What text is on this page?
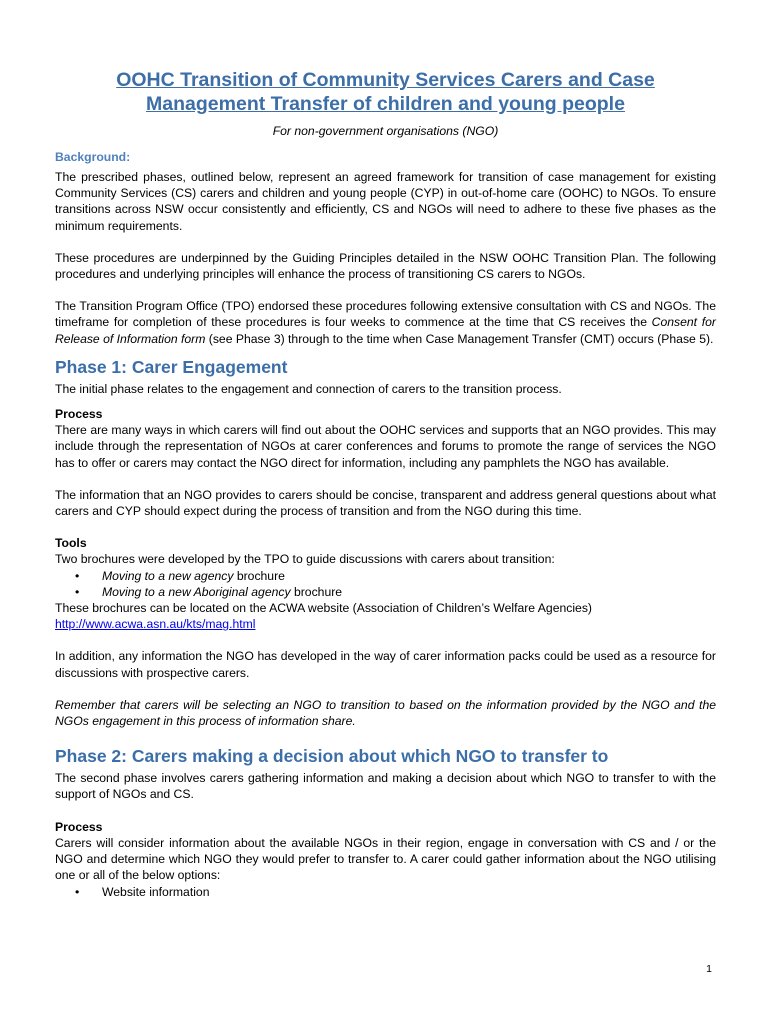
OOHC Transition of Community Services Carers and Case
Management Transfer of children and young people
For non-government organisations (NGO)
Background:

The prescribed phases, outlined below, represent an agreed framework for transition of case management for existing Community Services (CS) carers and children and young people (CYP) in out-of-home care (OOHC) to NGOs. To ensure transitions across NSW occur consistently and efficiently, CS and NGOs will need to adhere to these five phases as the minimum requirements.

These procedures are underpinned by the Guiding Principles detailed in the NSW OOHC Transition Plan. The following procedures and underlying principles will enhance the process of transitioning CS carers to NGOs.

The Transition Program Office (TPO) endorsed these procedures following extensive consultation with CS and NGOs. The timeframe for completion of these procedures is four weeks to commence at the time that CS receives the Consent for Release of Information form (see Phase 3) through to the time when Case Management Transfer (CMT) occurs (Phase 5).

Phase 1: Carer Engagement

The initial phase relates to the engagement and connection of carers to the transition process.

Process

There are many ways in which carers will find out about the OOHC services and supports that an NGO provides. This may include through the representation of NGOs at carer conferences and forums to promote the range of services the NGO has to offer or carers may contact the NGO direct for information, including any pamphlets the NGO has available.

The information that an NGO provides to carers should be concise, transparent and address general questions about what carers and CYP should expect during the process of transition and from the NGO during this time.

Tools

Two brochures were developed by the TPO to guide discussions with carers about transition:

• Moving to a new agency brochure
• Moving to a new Aboriginal agency brochure

These brochures can be located on the ACWA website (Association of Children’s Welfare Agencies)

http://www.acwa.asn.au/kts/mag.html

In addition, any information the NGO has developed in the way of carer information packs could be used as a resource for discussions with prospective carers.

Remember that carers will be selecting an NGO to transition to based on the information provided by the NGO and the NGOs engagement in this process of information share.

Phase 2: Carers making a decision about which NGO to transfer to

The second phase involves carers gathering information and making a decision about which NGO to transfer to with the support of NGOs and CS.

Process

Carers will consider information about the available NGOs in their region, engage in conversation with CS and / or the NGO and determine which NGO they would prefer to transfer to. A carer could gather information about the NGO utilising one or all of the below options:

• Website information
1
